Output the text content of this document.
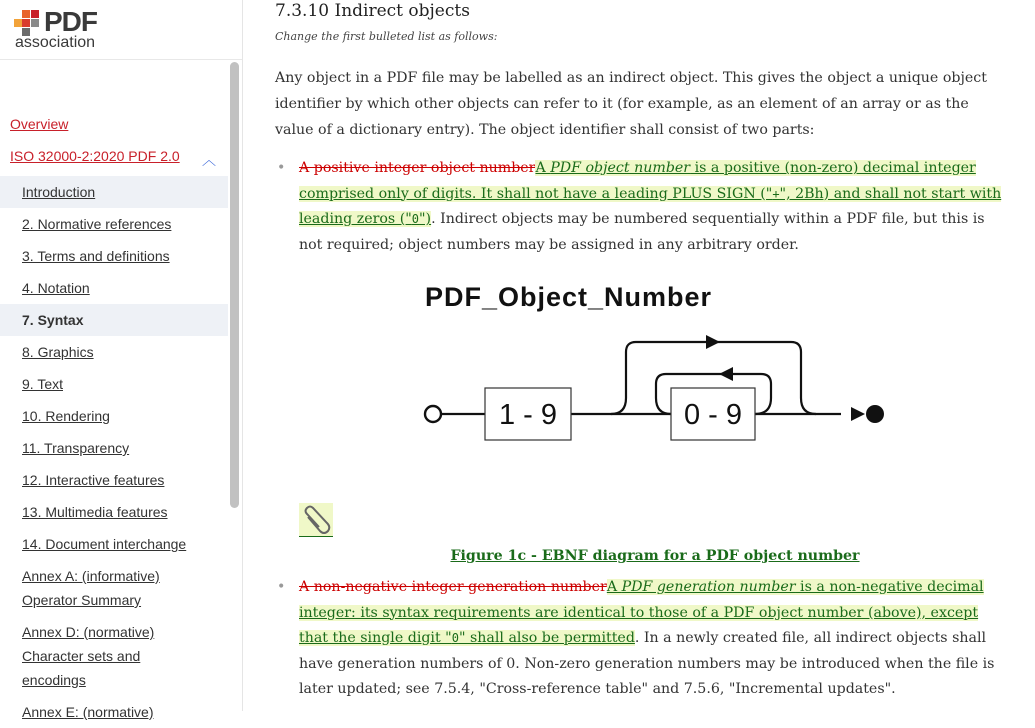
PDF
association
Overview
ISO 32000-2:2020 PDF 2.0 ︿
Introduction
2. Normative references
3. Terms and definitions
4. Notation
7. Syntax
8. Graphics
9. Text
10. Rendering
11. Transparency
12. Interactive features
13. Multimedia features
14. Document interchange
Annex A: (informative)
Operator Summary
Annex D: (normative)
Character sets and
encodings
Annex E: (normative)
7.3.10 Indirect objects
Change the first bulleted list as follows:
Any object in a PDF file may be labelled as an indirect object. This gives the object a unique object identifier by which other objects can refer to it (for example, as an element of an array or as the value of a dictionary entry). The object identifier shall consist of two parts:
• A positive integer object numberA PDF object number is a positive (non-zero) decimal integer comprised only of digits. It shall not have a leading PLUS SIGN ("+", 2Bh) and shall not start with leading zeros ("0"). Indirect objects may be numbered sequentially within a PDF file, but this is not required; object numbers may be assigned in any arbitrary order.
PDF_Object_Number
1 - 9	0 - 9
Figure 1c - EBNF diagram for a PDF object number
• A non-negative integer generation numberA PDF generation number is a non-negative decimal integer: its syntax requirements are identical to those of a PDF object number (above), except that the single digit "0" shall also be permitted. In a newly created file, all indirect objects shall have generation numbers of 0. Non-zero generation numbers may be introduced when the file is later updated; see 7.5.4, "Cross-reference table" and 7.5.6, "Incremental updates".
